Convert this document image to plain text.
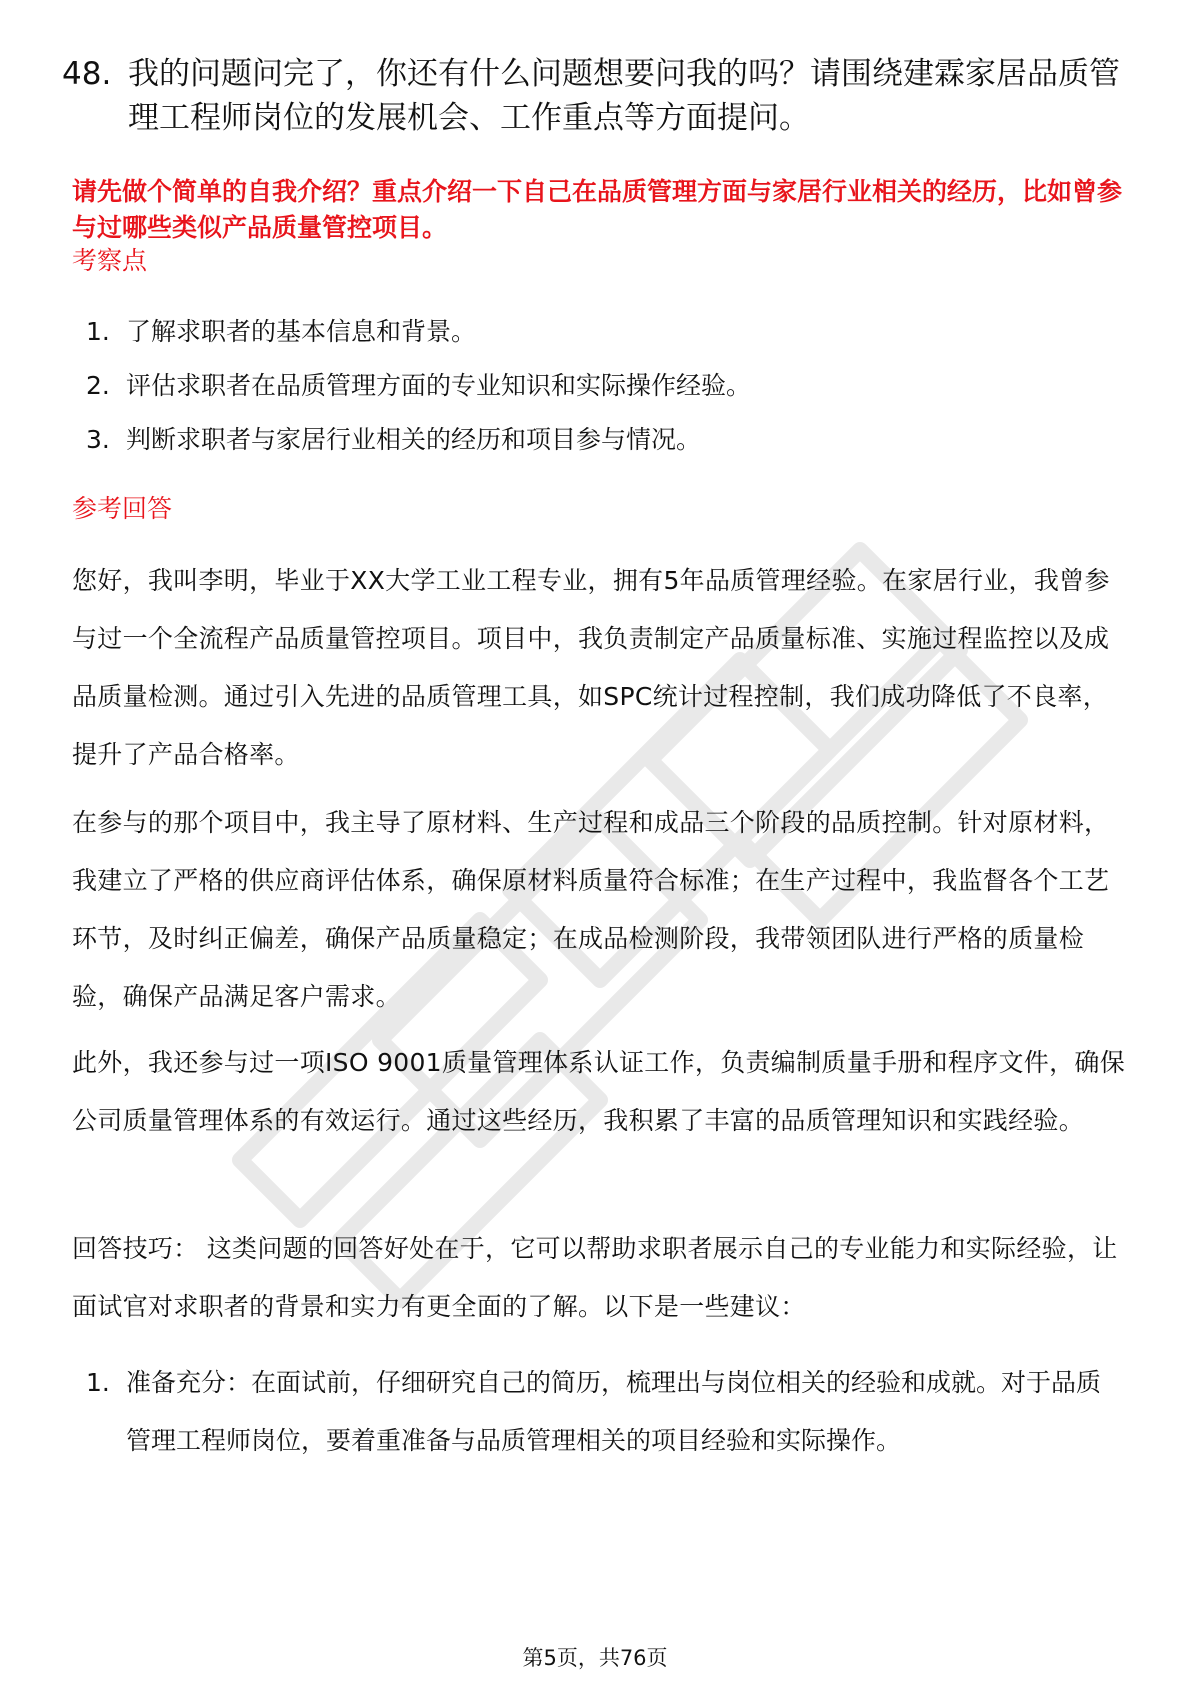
48. 我的问题问完了，你还有什么问题想要问我的吗？请围绕建霖家居品质管理工程师岗位的发展机会、工作重点等方面提问。
请先做个简单的自我介绍？重点介绍一下自己在品质管理方面与家居行业相关的经历，比如曾参与过哪些类似产品质量管控项目。
考察点
1. 了解求职者的基本信息和背景。
2. 评估求职者在品质管理方面的专业知识和实际操作经验。
3. 判断求职者与家居行业相关的经历和项目参与情况。
参考回答
您好，我叫李明，毕业于XX大学工业工程专业，拥有5年品质管理经验。在家居行业，我曾参与过一个全流程产品质量管控项目。项目中，我负责制定产品质量标准、实施过程监控以及成品质量检测。通过引入先进的品质管理工具，如SPC统计过程控制，我们成功降低了不良率，提升了产品合格率。
在参与的那个项目中，我主导了原材料、生产过程和成品三个阶段的品质控制。针对原材料，我建立了严格的供应商评估体系，确保原材料质量符合标准；在生产过程中，我监督各个工艺环节，及时纠正偏差，确保产品质量稳定；在成品检测阶段，我带领团队进行严格的质量检验，确保产品满足客户需求。
此外，我还参与过一项ISO 9001质量管理体系认证工作，负责编制质量手册和程序文件，确保公司质量管理体系的有效运行。通过这些经历，我积累了丰富的品质管理知识和实践经验。
回答技巧： 这类问题的回答好处在于，它可以帮助求职者展示自己的专业能力和实际经验，让面试官对求职者的背景和实力有更全面的了解。以下是一些建议：
1. 准备充分：在面试前，仔细研究自己的简历，梳理出与岗位相关的经验和成就。对于品质管理工程师岗位，要着重准备与品质管理相关的项目经验和实际操作。
第5页，共76页
